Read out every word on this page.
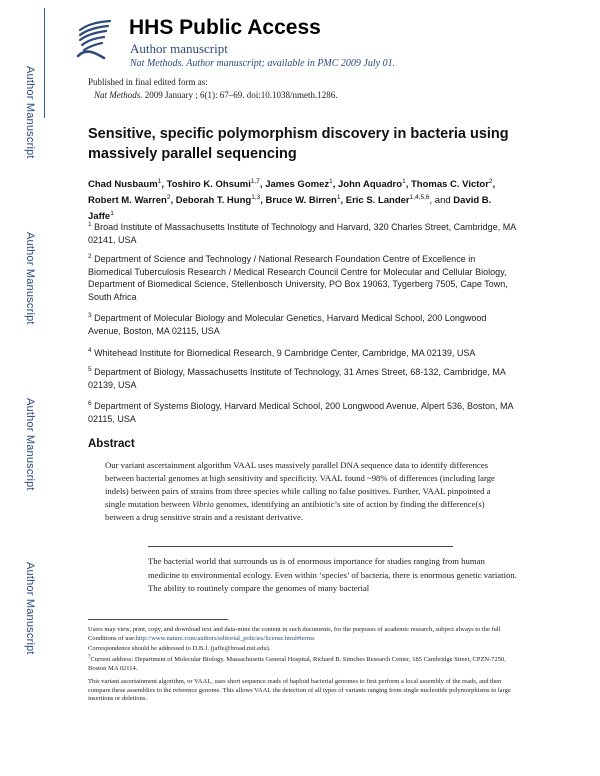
Author Manuscript
Author Manuscript
Author Manuscript
Author Manuscript
HHS Public Access
Author manuscript
Nat Methods. Author manuscript; available in PMC 2009 July 01.
Published in final edited form as:
Nat Methods. 2009 January ; 6(1): 67–69. doi:10.1038/nmeth.1286.
Sensitive, specific polymorphism discovery in bacteria using massively parallel sequencing
Chad Nusbaum$^1$, Toshiro K. Ohsumi$^{1,7}$, James Gomez$^1$, John Aquadro$^1$, Thomas C. Victor$^2$, Robert M. Warren$^2$, Deborah T. Hung$^{1,3}$, Bruce W. Birren$^1$, Eric S. Lander$^{1,4,5,6}$, and David B. Jaffe$^1$
$^1$ Broad Institute of Massachusetts Institute of Technology and Harvard, 320 Charles Street, Cambridge, MA 02141, USA
$^2$ Department of Science and Technology / National Research Foundation Centre of Excellence in Biomedical Tuberculosis Research / Medical Research Council Centre for Molecular and Cellular Biology, Department of Biomedical Science, Stellenbosch University, PO Box 19063, Tygerberg 7505, Cape Town, South Africa
$^3$ Department of Molecular Biology and Molecular Genetics, Harvard Medical School, 200 Longwood Avenue, Boston, MA 02115, USA
$^4$ Whitehead Institute for Biomedical Research, 9 Cambridge Center, Cambridge, MA 02139, USA
$^5$ Department of Biology, Massachusetts Institute of Technology, 31 Ames Street, 68-132, Cambridge, MA 02139, USA
$^6$ Department of Systems Biology, Harvard Medical School, 200 Longwood Avenue, Alpert 536, Boston, MA 02115, USA
Abstract
Our variant ascertainment algorithm VAAL uses massively parallel DNA sequence data to identify differences between bacterial genomes at high sensitivity and specificity. VAAL found ~98% of differences (including large indels) between pairs of strains from three species while calling no false positives. Further, VAAL pinpointed a single mutation between Vibrio genomes, identifying an antibiotic’s site of action by finding the difference(s) between a drug sensitive strain and a resistant derivative.
The bacterial world that surrounds us is of enormous importance for studies ranging from human medicine to environmental ecology. Even within ‘species’ of bacteria, there is enormous genetic variation. The ability to routinely compare the genomes of many bacterial
Users may view, print, copy, and download text and data-mine the content in such documents, for the purposes of academic research, subject always to the full Conditions of use:http://www.nature.com/authors/editorial_policies/license.html#terms
Correspondence should be addressed to D.B.J. (jaffe@broad.mit.edu).
$^7$Current address: Department of Molecular Biology, Massachusetts General Hospital, Richard B. Simches Research Center, 185 Cambridge Street, CPZN-7250, Boston MA 02114.
This variant ascertainment algorithm, or VAAL, uses short sequence reads of haploid bacterial genomes to first perform a local assembly of the reads, and then compare these assemblies to the reference genome. This allows VAAL the detection of all types of variants ranging from single nucleotide polymorphisms to large insertions or deletions.
